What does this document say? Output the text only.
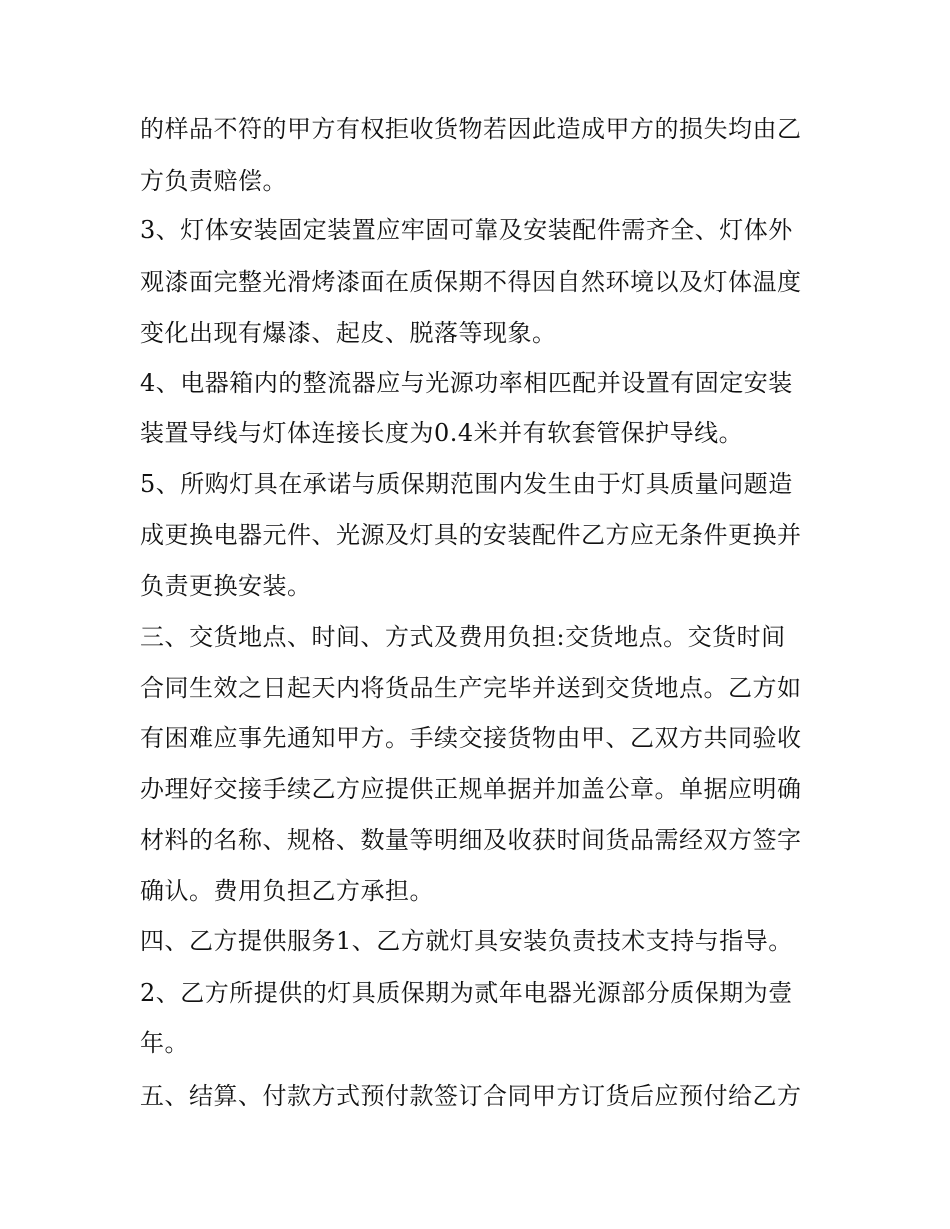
的样品不符的甲方有权拒收货物若因此造成甲方的损失均由乙
方负责赔偿。
3、灯体安装固定装置应牢固可靠及安装配件需齐全、灯体外
观漆面完整光滑烤漆面在质保期不得因自然环境以及灯体温度
变化出现有爆漆、起皮、脱落等现象。
4、电器箱内的整流器应与光源功率相匹配并设置有固定安装
装置导线与灯体连接长度为0.4米并有软套管保护导线。
5、所购灯具在承诺与质保期范围内发生由于灯具质量问题造
成更换电器元件、光源及灯具的安装配件乙方应无条件更换并
负责更换安装。
三、交货地点、时间、方式及费用负担:交货地点。交货时间
合同生效之日起天内将货品生产完毕并送到交货地点。乙方如
有困难应事先通知甲方。手续交接货物由甲、乙双方共同验收
办理好交接手续乙方应提供正规单据并加盖公章。单据应明确
材料的名称、规格、数量等明细及收获时间货品需经双方签字
确认。费用负担乙方承担。
四、乙方提供服务1、乙方就灯具安装负责技术支持与指导。
2、乙方所提供的灯具质保期为贰年电器光源部分质保期为壹
年。
五、结算、付款方式预付款签订合同甲方订货后应预付给乙方
